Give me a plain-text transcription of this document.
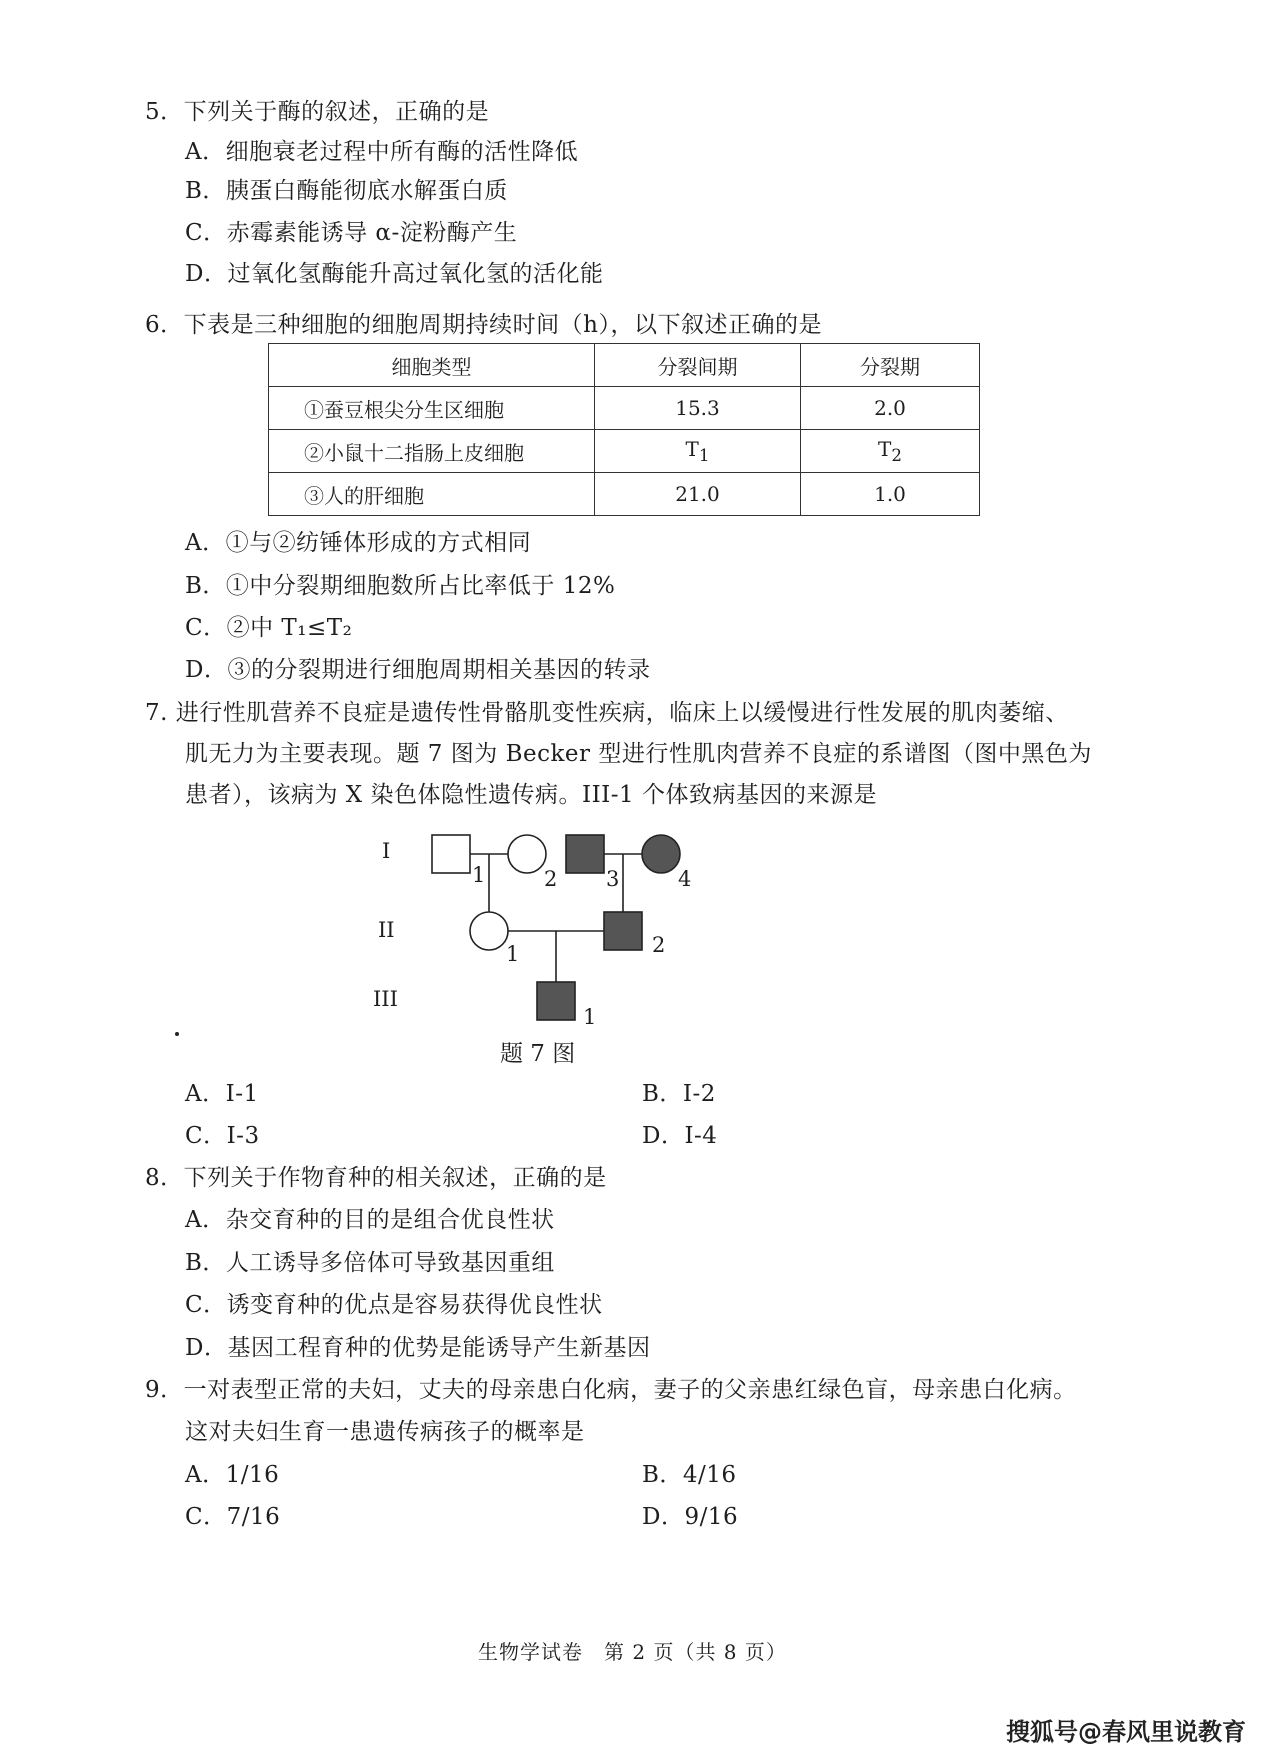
5．下列关于酶的叙述，正确的是
A．细胞衰老过程中所有酶的活性降低
B．胰蛋白酶能彻底水解蛋白质
C．赤霉素能诱导 α-淀粉酶产生
D．过氧化氢酶能升高过氧化氢的活化能
6．下表是三种细胞的细胞周期持续时间（h），以下叙述正确的是
细胞类型	分裂间期	分裂期
①蚕豆根尖分生区细胞	15.3	2.0
②小鼠十二指肠上皮细胞	$T_1$	$T_2$
③人的肝细胞	21.0	1.0
A．①与②纺锤体形成的方式相同
B．①中分裂期细胞数所占比率低于 12%
C．②中 T₁≤T₂
D．③的分裂期进行细胞周期相关基因的转录
7. 进行性肌营养不良症是遗传性骨骼肌变性疾病，临床上以缓慢进行性发展的肌肉萎缩、
肌无力为主要表现。题 7 图为 Becker 型进行性肌肉营养不良症的系谱图（图中黑色为
患者），该病为 X 染色体隐性遗传病。III-1 个体致病基因的来源是
I
II
III
1	2 3	4
1	2
1
题 7 图
A．Ⅰ-1	B．Ⅰ-2
C．Ⅰ-3	D．Ⅰ-4
8．下列关于作物育种的相关叙述，正确的是
A．杂交育种的目的是组合优良性状
B．人工诱导多倍体可导致基因重组
C．诱变育种的优点是容易获得优良性状
D．基因工程育种的优势是能诱导产生新基因
9．一对表型正常的夫妇，丈夫的母亲患白化病，妻子的父亲患红绿色盲，母亲患白化病。
这对夫妇生育一患遗传病孩子的概率是
A．1/16	B．4/16
C．7/16	D．9/16
生物学试卷　第 2 页（共 8 页）
搜狐号@春风里说教育
